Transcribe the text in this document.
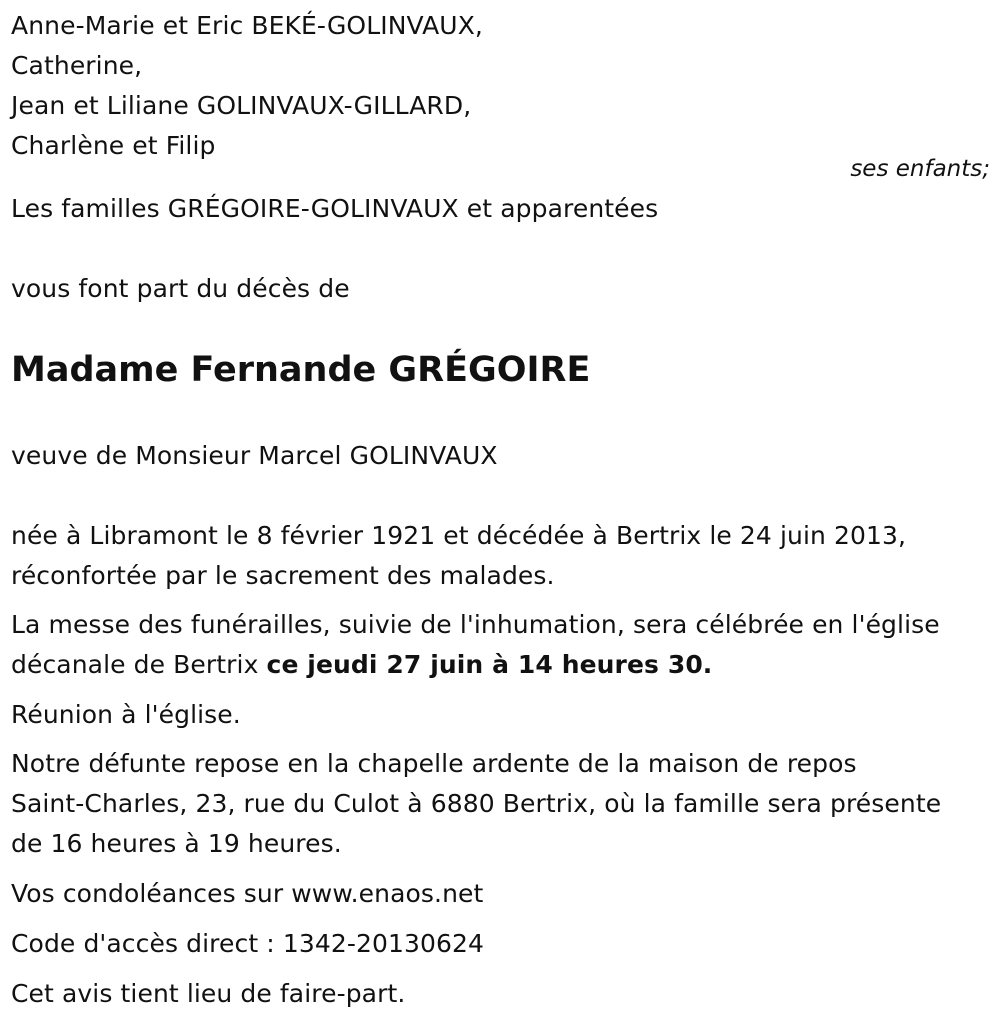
Anne-Marie et Eric BEKÉ-GOLINVAUX,
Catherine,
Jean et Liliane GOLINVAUX-GILLARD,
Charlène et Filip
ses enfants;
Les familles GRÉGOIRE-GOLINVAUX et apparentées
vous font part du décès de
Madame Fernande GRÉGOIRE
veuve de Monsieur Marcel GOLINVAUX
née à Libramont le 8 février 1921 et décédée à Bertrix le 24 juin 2013,
réconfortée par le sacrement des malades.
La messe des funérailles, suivie de l'inhumation, sera célébrée en l'église
décanale de Bertrix ce jeudi 27 juin à 14 heures 30.
Réunion à l'église.
Notre défunte repose en la chapelle ardente de la maison de repos
Saint-Charles, 23, rue du Culot à 6880 Bertrix, où la famille sera présente
de 16 heures à 19 heures.
Vos condoléances sur www.enaos.net
Code d'accès direct : 1342-20130624
Cet avis tient lieu de faire-part.
